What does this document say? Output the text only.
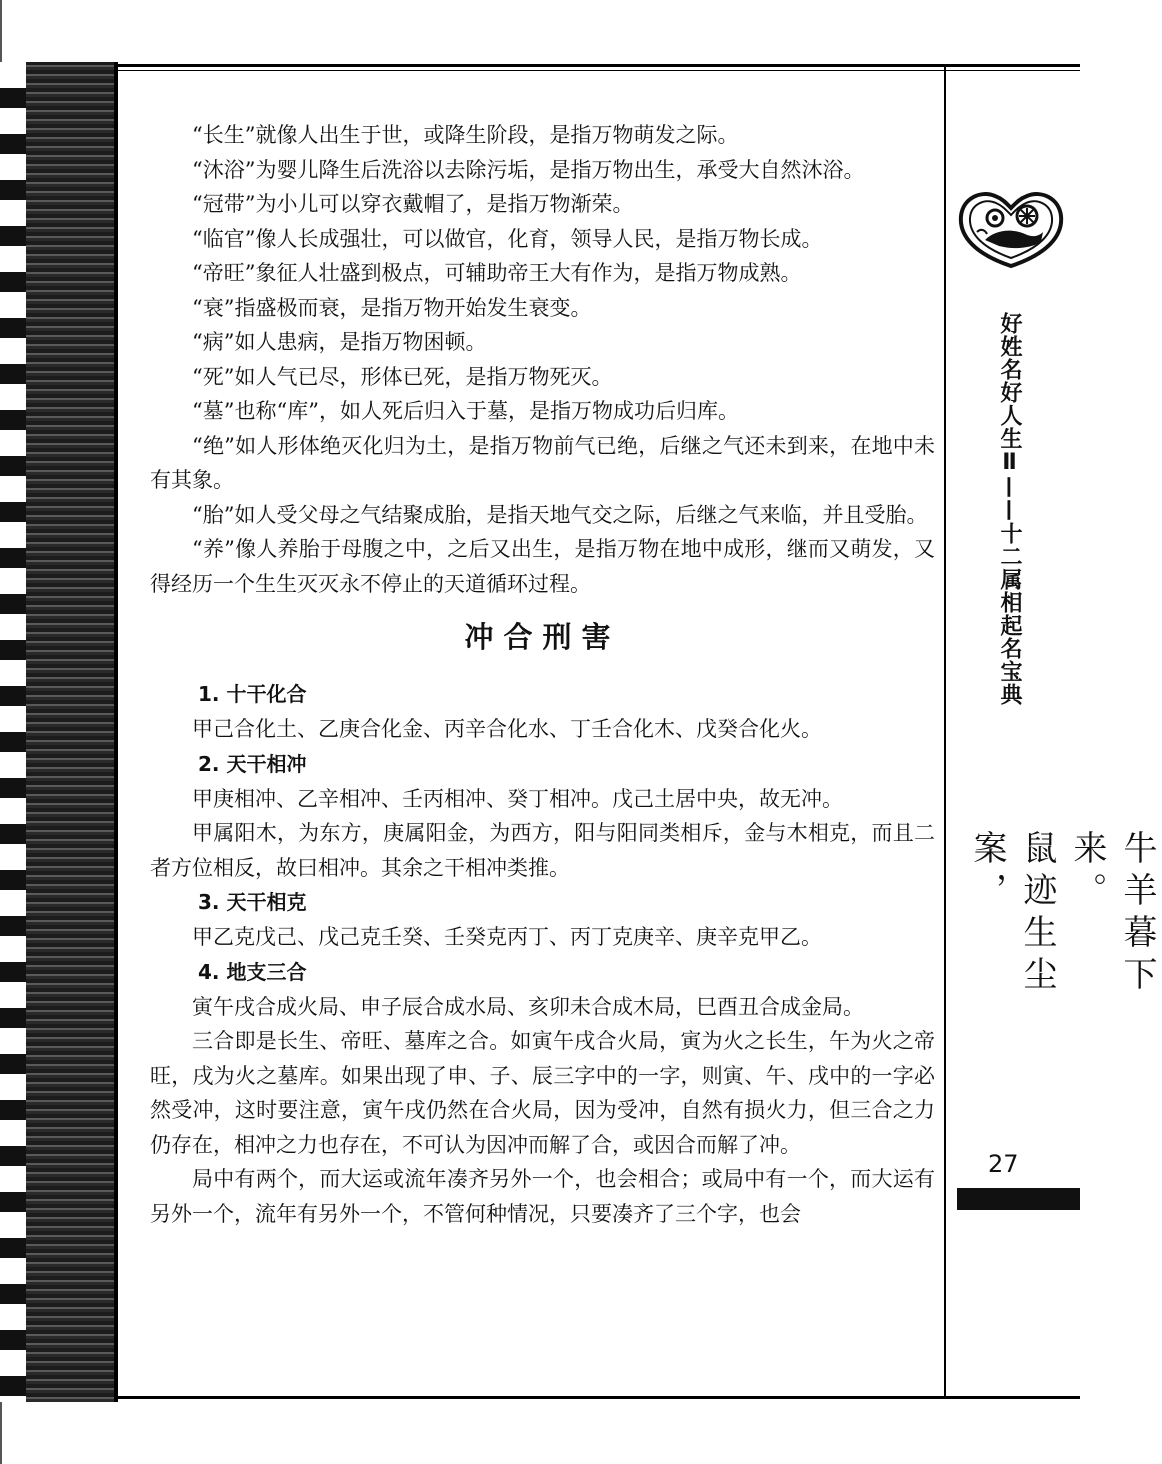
“长生”就像人出生于世，或降生阶段，是指万物萌发之际。

“沐浴”为婴儿降生后洗浴以去除污垢，是指万物出生，承受大自然沐浴。

“冠带”为小儿可以穿衣戴帽了，是指万物渐荣。

“临官”像人长成强壮，可以做官，化育，领导人民，是指万物长成。

“帝旺”象征人壮盛到极点，可辅助帝王大有作为，是指万物成熟。

“衰”指盛极而衰，是指万物开始发生衰变。

“病”如人患病，是指万物困顿。

“死”如人气已尽，形体已死，是指万物死灭。

“墓”也称“库”，如人死后归入于墓，是指万物成功后归库。

“绝”如人形体绝灭化归为土，是指万物前气已绝，后继之气还未到来，在地中未有其象。

“胎”如人受父母之气结聚成胎，是指天地气交之际，后继之气来临，并且受胎。

“养”像人养胎于母腹之中，之后又出生，是指万物在地中成形，继而又萌发，又得经历一个生生灭灭永不停止的天道循环过程。

冲合刑害
1. 十干化合

甲己合化土、乙庚合化金、丙辛合化水、丁壬合化木、戊癸合化火。

2. 天干相冲

甲庚相冲、乙辛相冲、壬丙相冲、癸丁相冲。戊己土居中央，故无冲。

甲属阳木，为东方，庚属阳金，为西方，阳与阳同类相斥，金与木相克，而且二者方位相反，故曰相冲。其余之干相冲类推。

3. 天干相克

甲乙克戊己、戊己克壬癸、壬癸克丙丁、丙丁克庚辛、庚辛克甲乙。

4. 地支三合

寅午戌合成火局、申子辰合成水局、亥卯未合成木局，巳酉丑合成金局。

三合即是长生、帝旺、墓库之合。如寅午戌合火局，寅为火之长生，午为火之帝旺，戌为火之墓库。如果出现了申、子、辰三字中的一字，则寅、午、戌中的一字必然受冲，这时要注意，寅午戌仍然在合火局，因为受冲，自然有损火力，但三合之力仍存在，相冲之力也存在，不可认为因冲而解了合，或因合而解了冲。

局中有两个，而大运或流年凑齐另外一个，也会相合；或局中有一个，而大运有另外一个，流年有另外一个，不管何种情况，只要凑齐了三个字，也会

好姓名好人生Ⅱ——十二属相起名宝典
牛羊暮下来。
鼠迹生尘案，
27
